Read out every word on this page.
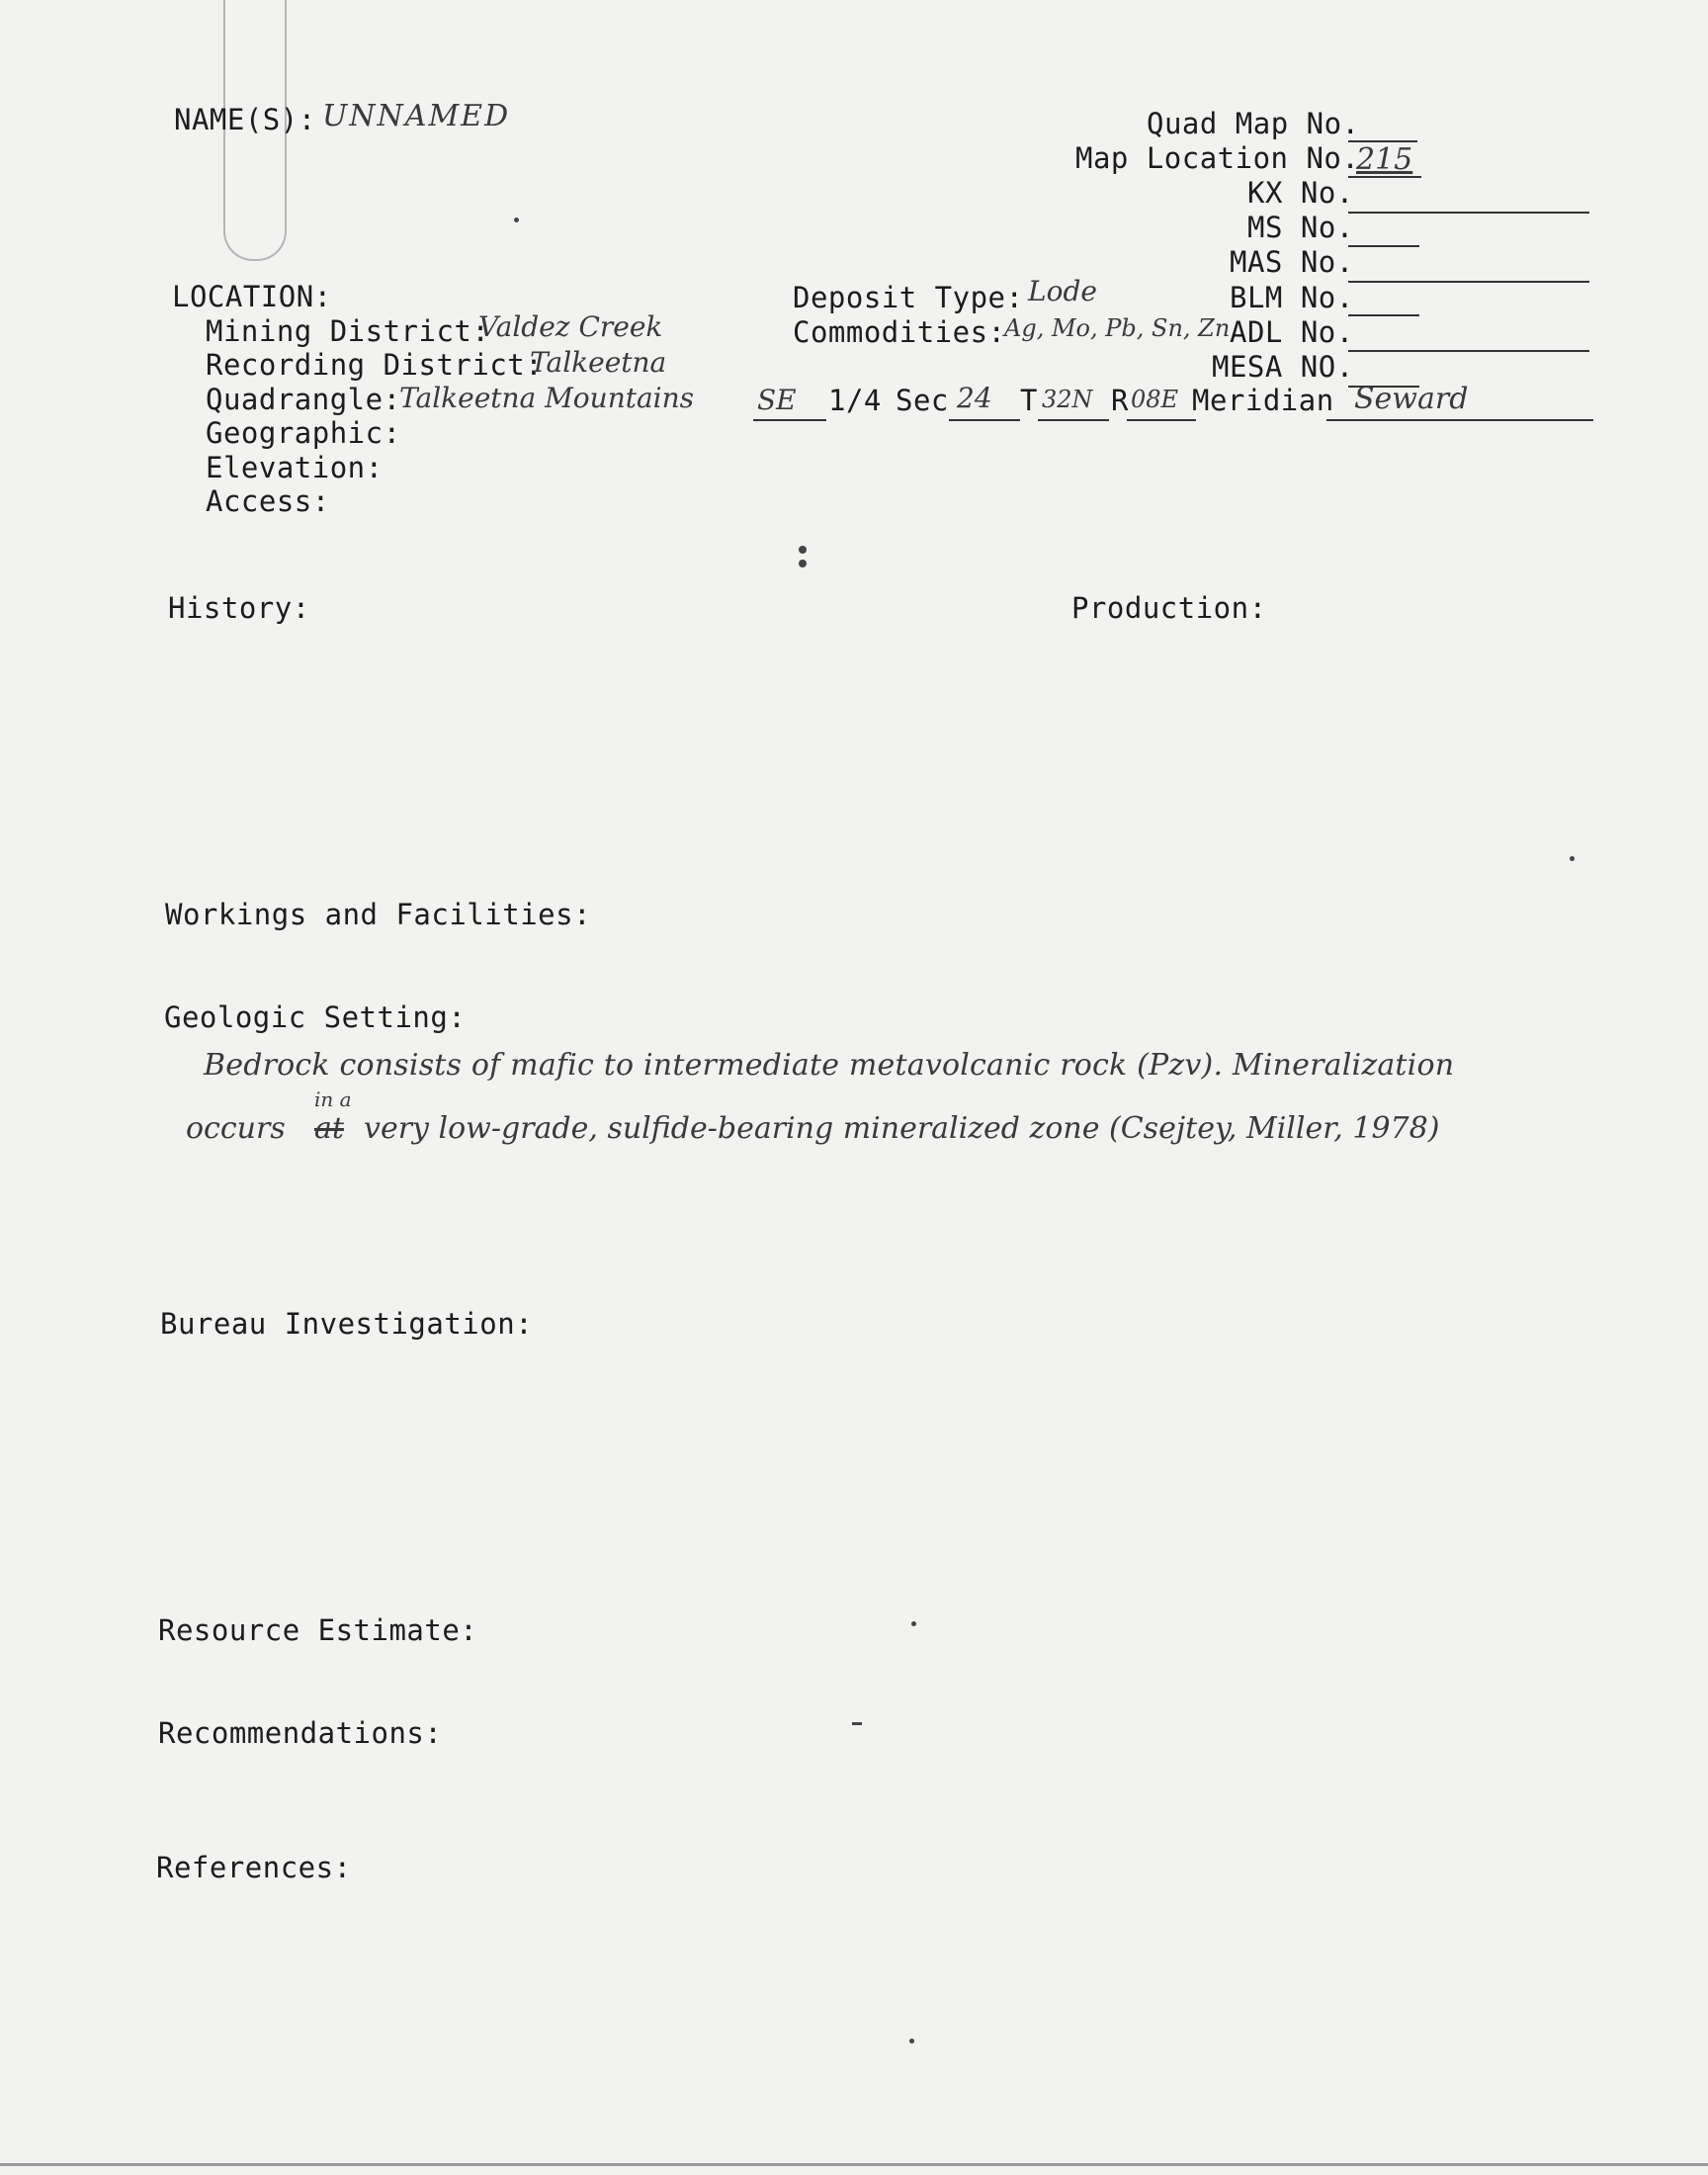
NAME(S): UNNAMED	Quad Map No.
Map Location No.
215
KX No.
MS No.
MAS No.
BLM No.
ADL No.
MESA NO.
LOCATION:
Mining District:
Valdez Creek
Recording District:
Talkeetna
Quadrangle:
Talkeetna Mountains
Geographic:
Elevation:
Access:
Deposit Type: Lode
Commodities:
Ag, Mo, Pb, Sn, Zn
SE 1/4 Sec 24 T 32N R 08E Meridian Seward
History:	Production:
Workings and Facilities:
Geologic Setting:
Bedrock consists of mafic to intermediate metavolcanic rock (Pzv). Mineralization
in a
occurs at very low-grade, sulfide-bearing mineralized zone (Csejtey, Miller, 1978)
Bureau Investigation:
Resource Estimate:
Recommendations:
References:
